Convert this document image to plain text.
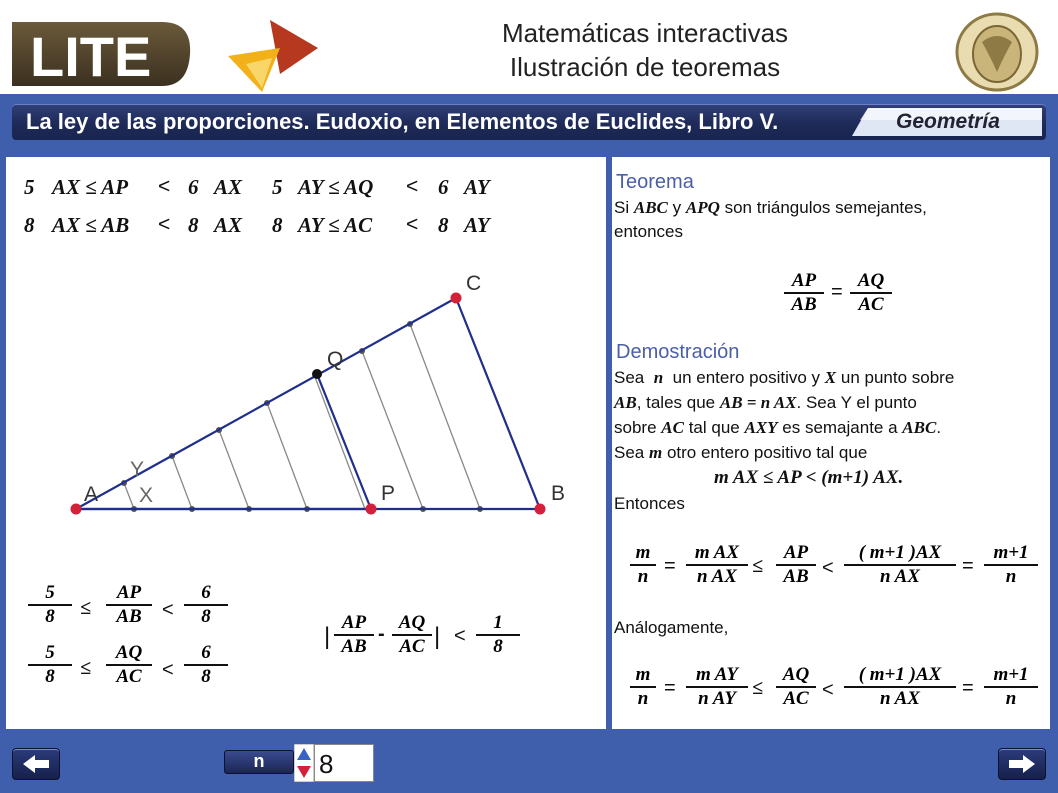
LITE	Matemáticas interactivas
Ilustración de teoremas
La ley de las proporciones. Eudoxio, en Elementos de Euclides, Libro V.	Geometría
5 AX ≤ AP < 6 AX 5 AY ≤ AQ < 6 AY
8 AX ≤ AB < 8 AX 8 AY ≤ AC < 8 AY
A	B
C
P
Q
X
Y
5
8	≤
AP
AB	<
6
8
5
8	≤
AQ
AC	<
6
8
|
AP
AB
-
AQ
AC | <
1
8
Teorema
Si ABC y APQ son triángulos semejantes,
entonces
AP
AB
=
AQ
AC
Demostración
Sea n un entero positivo y X un punto sobre
AB, tales que AB = n AX. Sea Y el punto
sobre AC tal que AXY es semajante a ABC.
Sea m otro entero positivo tal que
m AX ≤ AP < (m+1) AX.
Entonces
m
n =
m AX
n AX ≤
AP
AB <
( m+1 )AX
n AX	=
m+1
n
Análogamente,
m
n =
m AY
n AY ≤
AQ
AC <
( m+1 )AX
n AX	=
m+1
n
n	8
